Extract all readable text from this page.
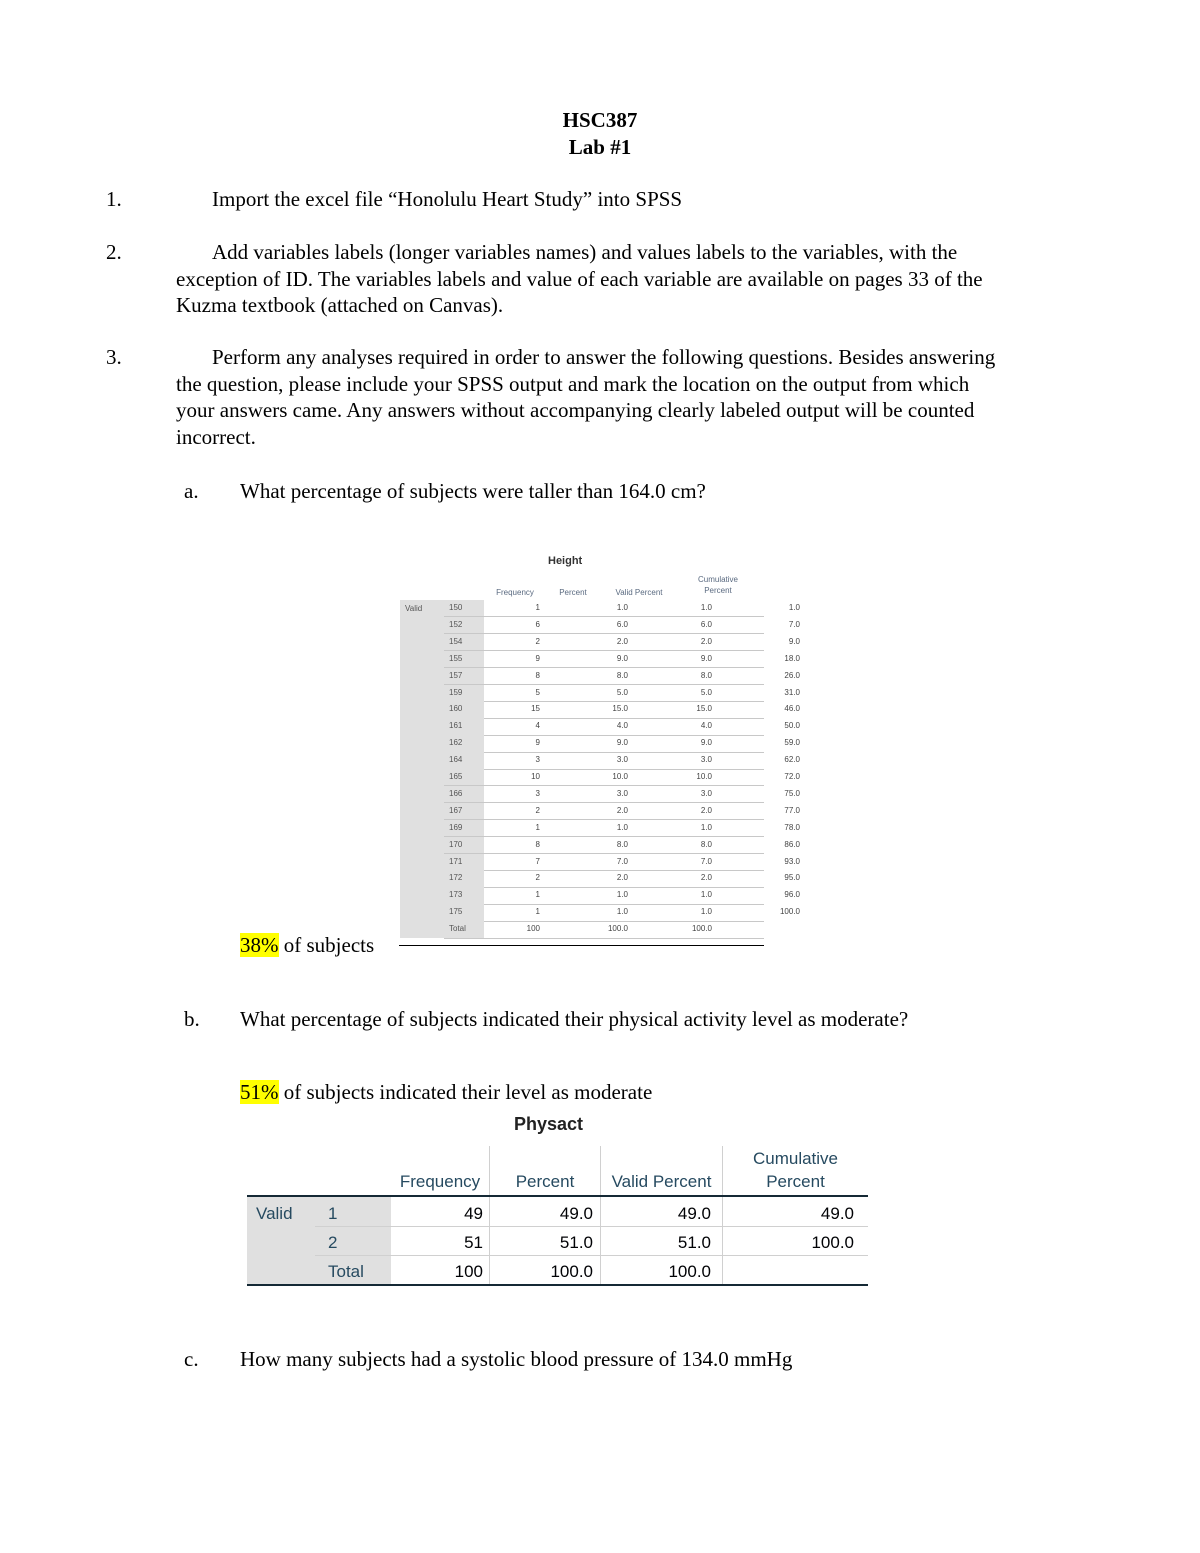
HSC387
Lab #1
1.	Import the excel file “Honolulu Heart Study” into SPSS
2.	Add variables labels (longer variables names) and values labels to the variables, with the
exception of ID. The variables labels and value of each variable are available on pages 33 of the
Kuzma textbook (attached on Canvas).
3.	Perform any analyses required in order to answer the following questions. Besides answering
the question, please include your SPSS output and mark the location on the output from which
your answers came. Any answers without accompanying clearly labeled output will be counted
incorrect.
a. What percentage of subjects were taller than 164.0 cm?
Height
Frequency	Percent	Valid Percent
Cumulative
Percent
Valid	150	1	1.0	1.0	1.0
152	6	6.0	6.0	7.0
154	2	2.0	2.0	9.0
155	9	9.0	9.0	18.0
157	8	8.0	8.0	26.0
159	5	5.0	5.0	31.0
160	15	15.0	15.0	46.0
161	4	4.0	4.0	50.0
162	9	9.0	9.0	59.0
164	3	3.0	3.0	62.0
165	10	10.0	10.0	72.0
166	3	3.0	3.0	75.0
167	2	2.0	2.0	77.0
169	1	1.0	1.0	78.0
170	8	8.0	8.0	86.0
171	7	7.0	7.0	93.0
172	2	2.0	2.0	95.0
173	1	1.0	1.0	96.0
175	1	1.0	1.0	100.0
Total	100	100.0	100.0
38% of subjects
b. What percentage of subjects indicated their physical activity level as moderate?
51% of subjects indicated their level as moderate
Physact
Frequency	Percent	Valid Percent
Cumulative
Percent
Valid 1	49	49.0	49.0	49.0
2	51	51.0	51.0	100.0
Total	100	100.0	100.0
c. How many subjects had a systolic blood pressure of 134.0 mmHg
